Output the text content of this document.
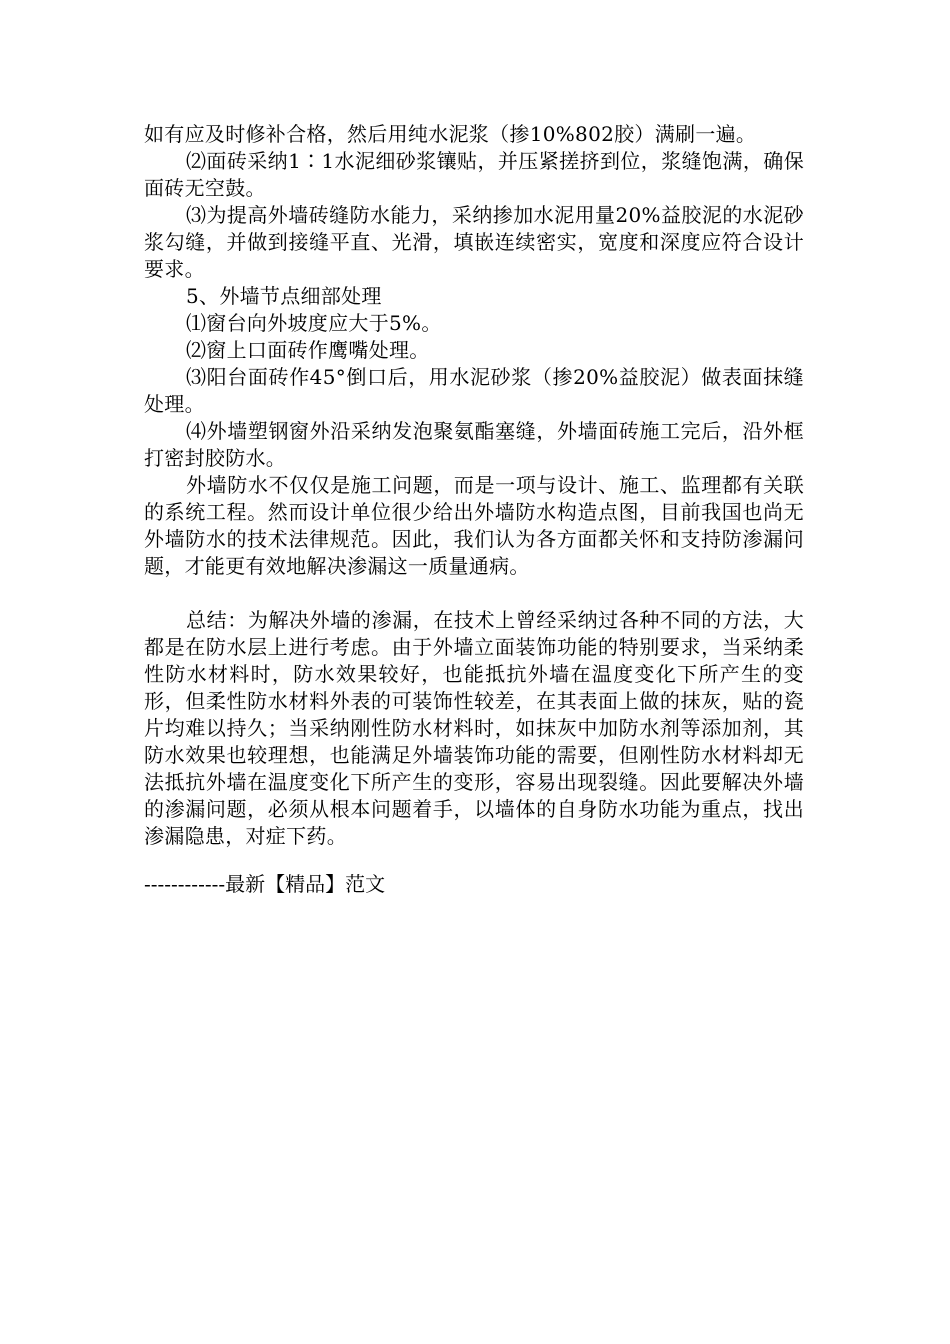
如有应及时修补合格，然后用纯水泥浆（掺10%802胶）满刷一遍。

⑵面砖采纳1∶1水泥细砂浆镶贴，并压紧搓挤到位，浆缝饱满，确保面砖无空鼓。

⑶为提高外墙砖缝防水能力，采纳掺加水泥用量20%益胶泥的水泥砂浆勾缝，并做到接缝平直、光滑，填嵌连续密实，宽度和深度应符合设计要求。

5、外墙节点细部处理

⑴窗台向外坡度应大于5%。

⑵窗上口面砖作鹰嘴处理。

⑶阳台面砖作45°倒口后，用水泥砂浆（掺20%益胶泥）做表面抹缝处理。

⑷外墙塑钢窗外沿采纳发泡聚氨酯塞缝，外墙面砖施工完后，沿外框打密封胶防水。

外墙防水不仅仅是施工问题，而是一项与设计、施工、监理都有关联的系统工程。然而设计单位很少给出外墙防水构造点图，目前我国也尚无外墙防水的技术法律规范。因此，我们认为各方面都关怀和支持防渗漏问题，才能更有效地解决渗漏这一质量通病。

总结：为解决外墙的渗漏，在技术上曾经采纳过各种不同的方法，大都是在防水层上进行考虑。由于外墙立面装饰功能的特别要求，当采纳柔性防水材料时，防水效果较好，也能抵抗外墙在温度变化下所产生的变形，但柔性防水材料外表的可装饰性较差，在其表面上做的抹灰，贴的瓷片均难以持久；当采纳刚性防水材料时，如抹灰中加防水剂等添加剂，其防水效果也较理想，也能满足外墙装饰功能的需要，但刚性防水材料却无法抵抗外墙在温度变化下所产生的变形，容易出现裂缝。因此要解决外墙的渗漏问题，必须从根本问题着手，以墙体的自身防水功能为重点，找出渗漏隐患，对症下药。

------------最新【精品】范文
